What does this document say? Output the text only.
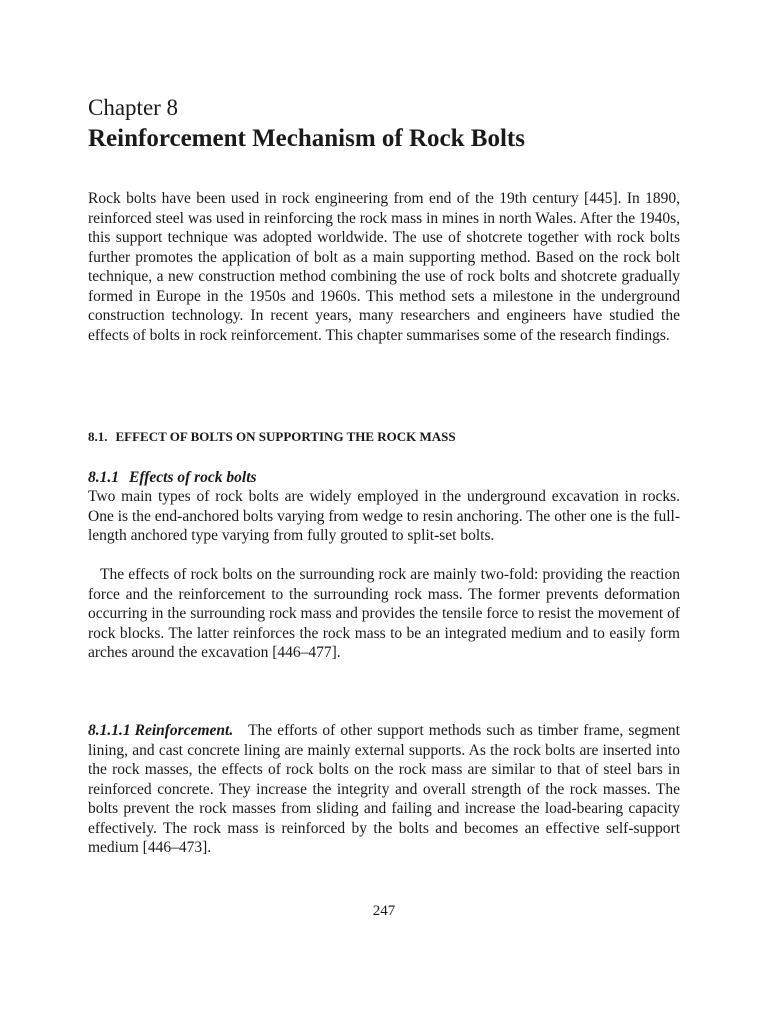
Chapter 8
Reinforcement Mechanism of Rock Bolts

Rock bolts have been used in rock engineering from end of the 19th century [445]. In 1890, reinforced steel was used in reinforcing the rock mass in mines in north Wales. After the 1940s, this support technique was adopted worldwide. The use of shotcrete together with rock bolts further promotes the application of bolt as a main supporting method. Based on the rock bolt technique, a new construction method combining the use of rock bolts and shotcrete gradually formed in Europe in the 1950s and 1960s. This method sets a milestone in the underground construction technology. In recent years, many researchers and engineers have studied the effects of bolts in rock reinforcement. This chapter summarises some of the research findings.

8.1. EFFECT OF BOLTS ON SUPPORTING THE ROCK MASS
8.1.1 Effects of rock bolts

Two main types of rock bolts are widely employed in the underground excavation in rocks. One is the end-anchored bolts varying from wedge to resin anchoring. The other one is the full-length anchored type varying from fully grouted to split-set bolts.

The effects of rock bolts on the surrounding rock are mainly two-fold: providing the reaction force and the reinforcement to the surrounding rock mass. The former prevents deformation occurring in the surrounding rock mass and provides the tensile force to resist the movement of rock blocks. The latter reinforces the rock mass to be an integrated medium and to easily form arches around the excavation [446–477].

8.1.1.1 Reinforcement. The efforts of other support methods such as timber frame, segment lining, and cast concrete lining are mainly external supports. As the rock bolts are inserted into the rock masses, the effects of rock bolts on the rock mass are similar to that of steel bars in reinforced concrete. They increase the integrity and overall strength of the rock masses. The bolts prevent the rock masses from sliding and failing and increase the load-bearing capacity effectively. The rock mass is reinforced by the bolts and becomes an effective self-support medium [446–473].

247
